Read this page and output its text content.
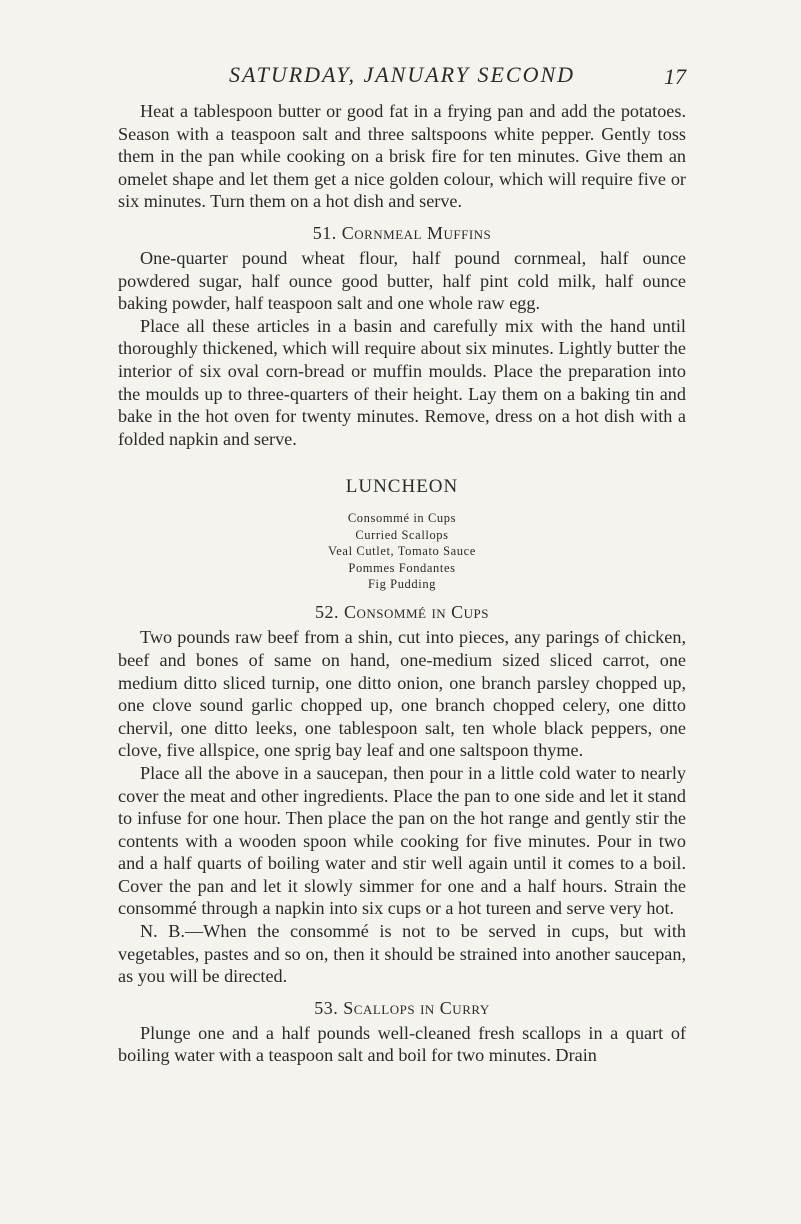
SATURDAY, JANUARY SECOND	17

Heat a tablespoon butter or good fat in a frying pan and add the potatoes. Season with a teaspoon salt and three saltspoons white pepper. Gently toss them in the pan while cooking on a brisk fire for ten minutes. Give them an omelet shape and let them get a nice golden colour, which will require five or six minutes. Turn them on a hot dish and serve.

51. Cornmeal Muffins

One-quarter pound wheat flour, half pound cornmeal, half ounce powdered sugar, half ounce good butter, half pint cold milk, half ounce baking powder, half teaspoon salt and one whole raw egg.

Place all these articles in a basin and carefully mix with the hand until thoroughly thickened, which will require about six minutes. Lightly butter the interior of six oval corn-bread or muffin moulds. Place the preparation into the moulds up to three-quarters of their height. Lay them on a baking tin and bake in the hot oven for twenty minutes. Remove, dress on a hot dish with a folded napkin and serve.

LUNCHEON
Consommé in Cups
Curried Scallops
Veal Cutlet, Tomato Sauce
Pommes Fondantes
Fig Pudding
52. Consommé in Cups

Two pounds raw beef from a shin, cut into pieces, any parings of chicken, beef and bones of same on hand, one-medium sized sliced carrot, one medium ditto sliced turnip, one ditto onion, one branch parsley chopped up, one clove sound garlic chopped up, one branch chopped celery, one ditto chervil, one ditto leeks, one tablespoon salt, ten whole black peppers, one clove, five allspice, one sprig bay leaf and one saltspoon thyme.

Place all the above in a saucepan, then pour in a little cold water to nearly cover the meat and other ingredients. Place the pan to one side and let it stand to infuse for one hour. Then place the pan on the hot range and gently stir the contents with a wooden spoon while cooking for five minutes. Pour in two and a half quarts of boiling water and stir well again until it comes to a boil. Cover the pan and let it slowly simmer for one and a half hours. Strain the consommé through a napkin into six cups or a hot tureen and serve very hot.

N. B.—When the consommé is not to be served in cups, but with vegetables, pastes and so on, then it should be strained into another saucepan, as you will be directed.

53. Scallops in Curry

Plunge one and a half pounds well-cleaned fresh scallops in a quart of boiling water with a teaspoon salt and boil for two minutes. Drain
